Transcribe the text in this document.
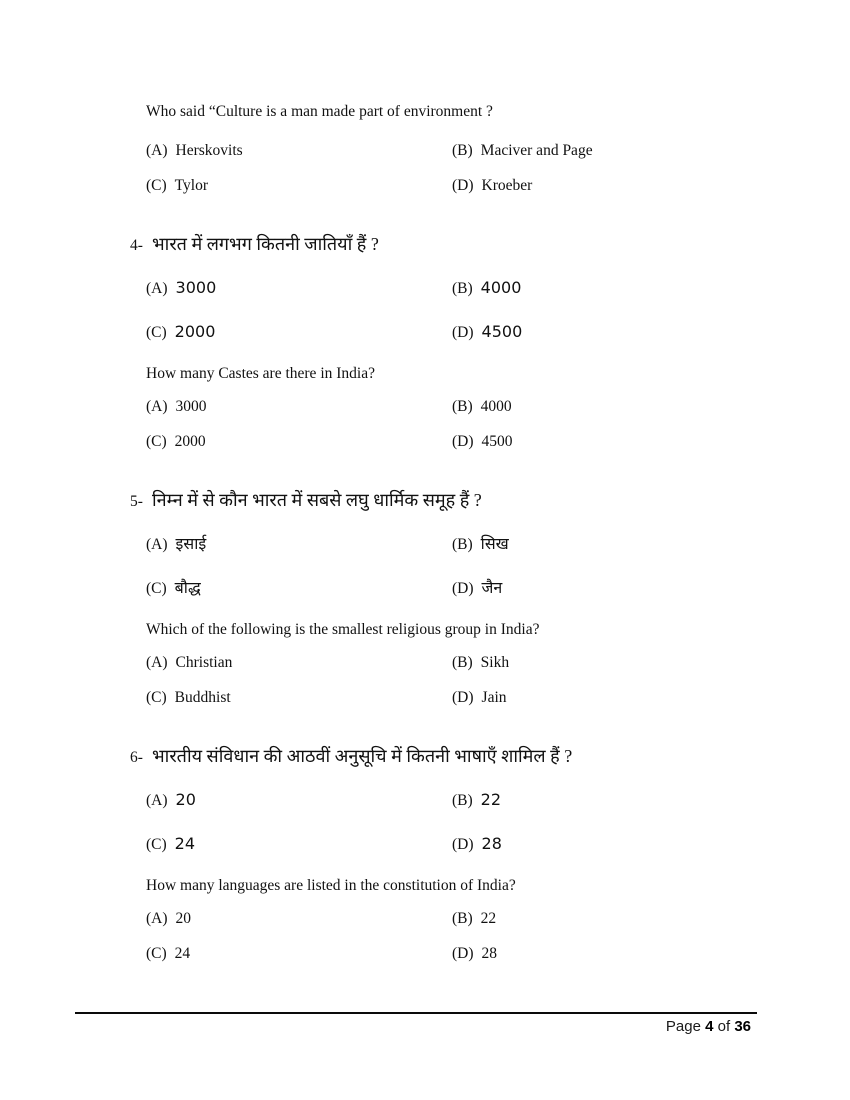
Who said “Culture is a man made part of environment ?

(A) Herskovits	(B) Maciver and Page
(C) Tylor	(D) Kroeber

4- भारत में लगभग कितनी जातियाँ हैं ?

(A) 3000	(B) 4000
(C) 2000	(D) 4500

How many Castes are there in India?

(A) 3000	(B) 4000
(C) 2000	(D) 4500

5- निम्न में से कौन भारत में सबसे लघु धार्मिक समूह हैं ?

(A) इसाई	(B) सिख
(C) बौद्ध	(D) जैन

Which of the following is the smallest religious group in India?

(A) Christian	(B) Sikh
(C) Buddhist	(D) Jain

6- भारतीय संविधान की आठवीं अनुसूचि में कितनी भाषाएँ शामिल हैं ?

(A) 20	(B) 22
(C) 24	(D) 28

How many languages are listed in the constitution of India?

(A) 20	(B) 22
(C) 24	(D) 28
Page 4 of 36
